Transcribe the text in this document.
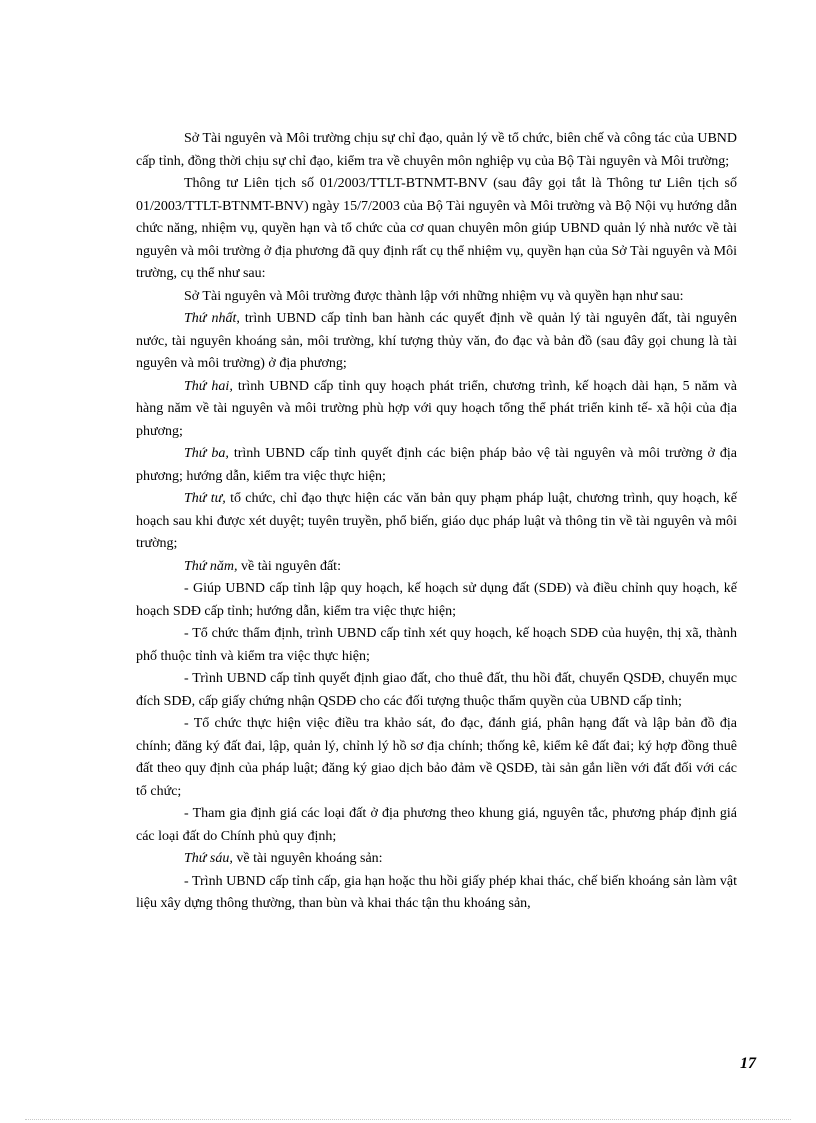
Sở Tài nguyên và Môi trường chịu sự chỉ đạo, quản lý về tổ chức, biên chế và công tác của UBND cấp tỉnh, đồng thời chịu sự chỉ đạo, kiểm tra về chuyên môn nghiệp vụ của Bộ Tài nguyên và Môi trường;

Thông tư Liên tịch số 01/2003/TTLT-BTNMT-BNV (sau đây gọi tắt là Thông tư Liên tịch số 01/2003/TTLT-BTNMT-BNV) ngày 15/7/2003 của Bộ Tài nguyên và Môi trường và Bộ Nội vụ hướng dẫn chức năng, nhiệm vụ, quyền hạn và tổ chức của cơ quan chuyên môn giúp UBND quản lý nhà nước về tài nguyên và môi trường ở địa phương đã quy định rất cụ thể nhiệm vụ, quyền hạn của Sở Tài nguyên và Môi trường, cụ thể như sau:

Sở Tài nguyên và Môi trường được thành lập với những nhiệm vụ và quyền hạn như sau:

Thứ nhất, trình UBND cấp tỉnh ban hành các quyết định về quản lý tài nguyên đất, tài nguyên nước, tài nguyên khoáng sản, môi trường, khí tượng thủy văn, đo đạc và bản đồ (sau đây gọi chung là tài nguyên và môi trường) ở địa phương;

Thứ hai, trình UBND cấp tỉnh quy hoạch phát triển, chương trình, kế hoạch dài hạn, 5 năm và hàng năm về tài nguyên và môi trường phù hợp với quy hoạch tổng thể phát triển kinh tế- xã hội của địa phương;

Thứ ba, trình UBND cấp tỉnh quyết định các biện pháp bảo vệ tài nguyên và môi trường ở địa phương; hướng dẫn, kiểm tra việc thực hiện;

Thứ tư, tổ chức, chỉ đạo thực hiện các văn bản quy phạm pháp luật, chương trình, quy hoạch, kế hoạch sau khi được xét duyệt; tuyên truyền, phổ biến, giáo dục pháp luật và thông tin về tài nguyên và môi trường;

Thứ năm, về tài nguyên đất:

- Giúp UBND cấp tỉnh lập quy hoạch, kế hoạch sử dụng đất (SDĐ) và điều chỉnh quy hoạch, kế hoạch SDĐ cấp tỉnh; hướng dẫn, kiểm tra việc thực hiện;

- Tổ chức thẩm định, trình UBND cấp tỉnh xét quy hoạch, kế hoạch SDĐ của huyện, thị xã, thành phố thuộc tỉnh và kiểm tra việc thực hiện;

- Trình UBND cấp tỉnh quyết định giao đất, cho thuê đất, thu hồi đất, chuyển QSDĐ, chuyển mục đích SDĐ, cấp giấy chứng nhận QSDĐ cho các đối tượng thuộc thẩm quyền của UBND cấp tỉnh;

- Tổ chức thực hiện việc điều tra khảo sát, đo đạc, đánh giá, phân hạng đất và lập bản đồ địa chính; đăng ký đất đai, lập, quản lý, chỉnh lý hồ sơ địa chính; thống kê, kiểm kê đất đai; ký hợp đồng thuê đất theo quy định của pháp luật; đăng ký giao dịch bảo đảm về QSDĐ, tài sản gắn liền với đất đối với các tổ chức;

- Tham gia định giá các loại đất ở địa phương theo khung giá, nguyên tắc, phương pháp định giá các loại đất do Chính phủ quy định;

Thứ sáu, về tài nguyên khoáng sản:

- Trình UBND cấp tỉnh cấp, gia hạn hoặc thu hồi giấy phép khai thác, chế biến khoáng sản làm vật liệu xây dựng thông thường, than bùn và khai thác tận thu khoáng sản,

17
